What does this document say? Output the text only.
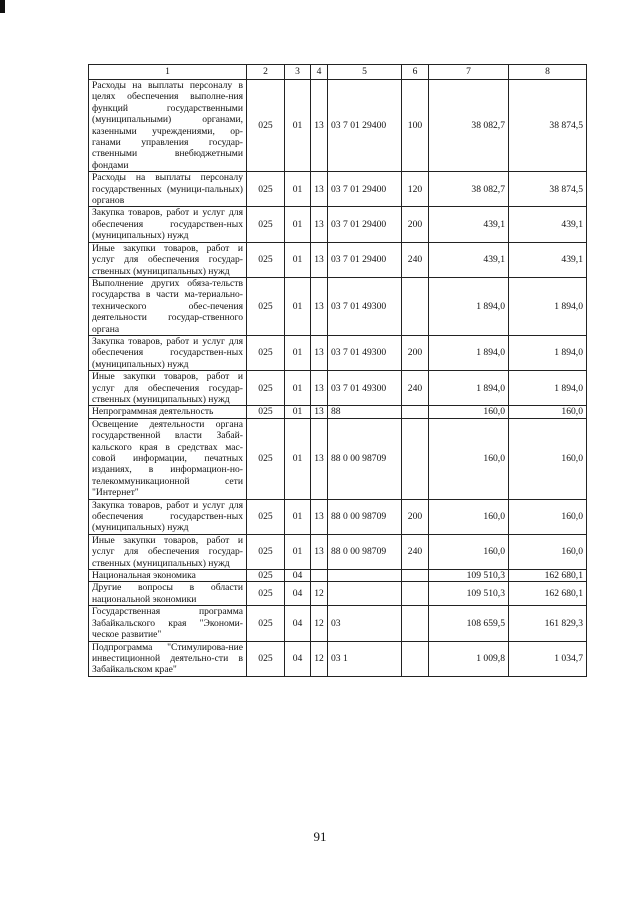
1	2	3	4	5	6	7	8
Расходы на выплаты персоналу в целях обеспечения выполне-ния функций государственными (муниципальными) органами, казенными учреждениями, ор-ганами управления государ-ственными внебюджетными фондами	025	01	13	03 7 01 29400	100	38 082,7	38 874,5
Расходы на выплаты персоналу государственных (муници-пальных) органов	025	01	13	03 7 01 29400	120	38 082,7	38 874,5
Закупка товаров, работ и услуг для обеспечения государствен-ных (муниципальных) нужд	025	01	13	03 7 01 29400	200	439,1	439,1
Иные закупки товаров, работ и услуг для обеспечения государ-ственных (муниципальных) нужд	025	01	13	03 7 01 29400	240	439,1	439,1
Выполнение других обяза-тельств государства в части ма-териально-технического обес-печения деятельности государ-ственного органа	025	01	13	03 7 01 49300		1 894,0	1 894,0
Закупка товаров, работ и услуг для обеспечения государствен-ных (муниципальных) нужд	025	01	13	03 7 01 49300	200	1 894,0	1 894,0
Иные закупки товаров, работ и услуг для обеспечения государ-ственных (муниципальных) нужд	025	01	13	03 7 01 49300	240	1 894,0	1 894,0
Непрограммная деятельность	025	01	13	88		160,0	160,0
Освещение деятельности органа государственной власти Забай-кальского края в средствах мас-совой информации, печатных изданиях, в информацион-но-телекоммуникационной сети "Интернет"	025	01	13	88 0 00 98709		160,0	160,0
Закупка товаров, работ и услуг для обеспечения государствен-ных (муниципальных) нужд	025	01	13	88 0 00 98709	200	160,0	160,0
Иные закупки товаров, работ и услуг для обеспечения государ-ственных (муниципальных) нужд	025	01	13	88 0 00 98709	240	160,0	160,0
Национальная экономика	025	04				109 510,3	162 680,1
Другие вопросы в области национальной экономики	025	04	12			109 510,3	162 680,1
Государственная программа Забайкальского края "Экономи-ческое развитие"	025	04	12	03		108 659,5	161 829,3
Подпрограмма "Стимулирова-ние инвестиционной деятельно-сти в Забайкальском крае"	025	04	12	03 1		1 009,8	1 034,7
91
